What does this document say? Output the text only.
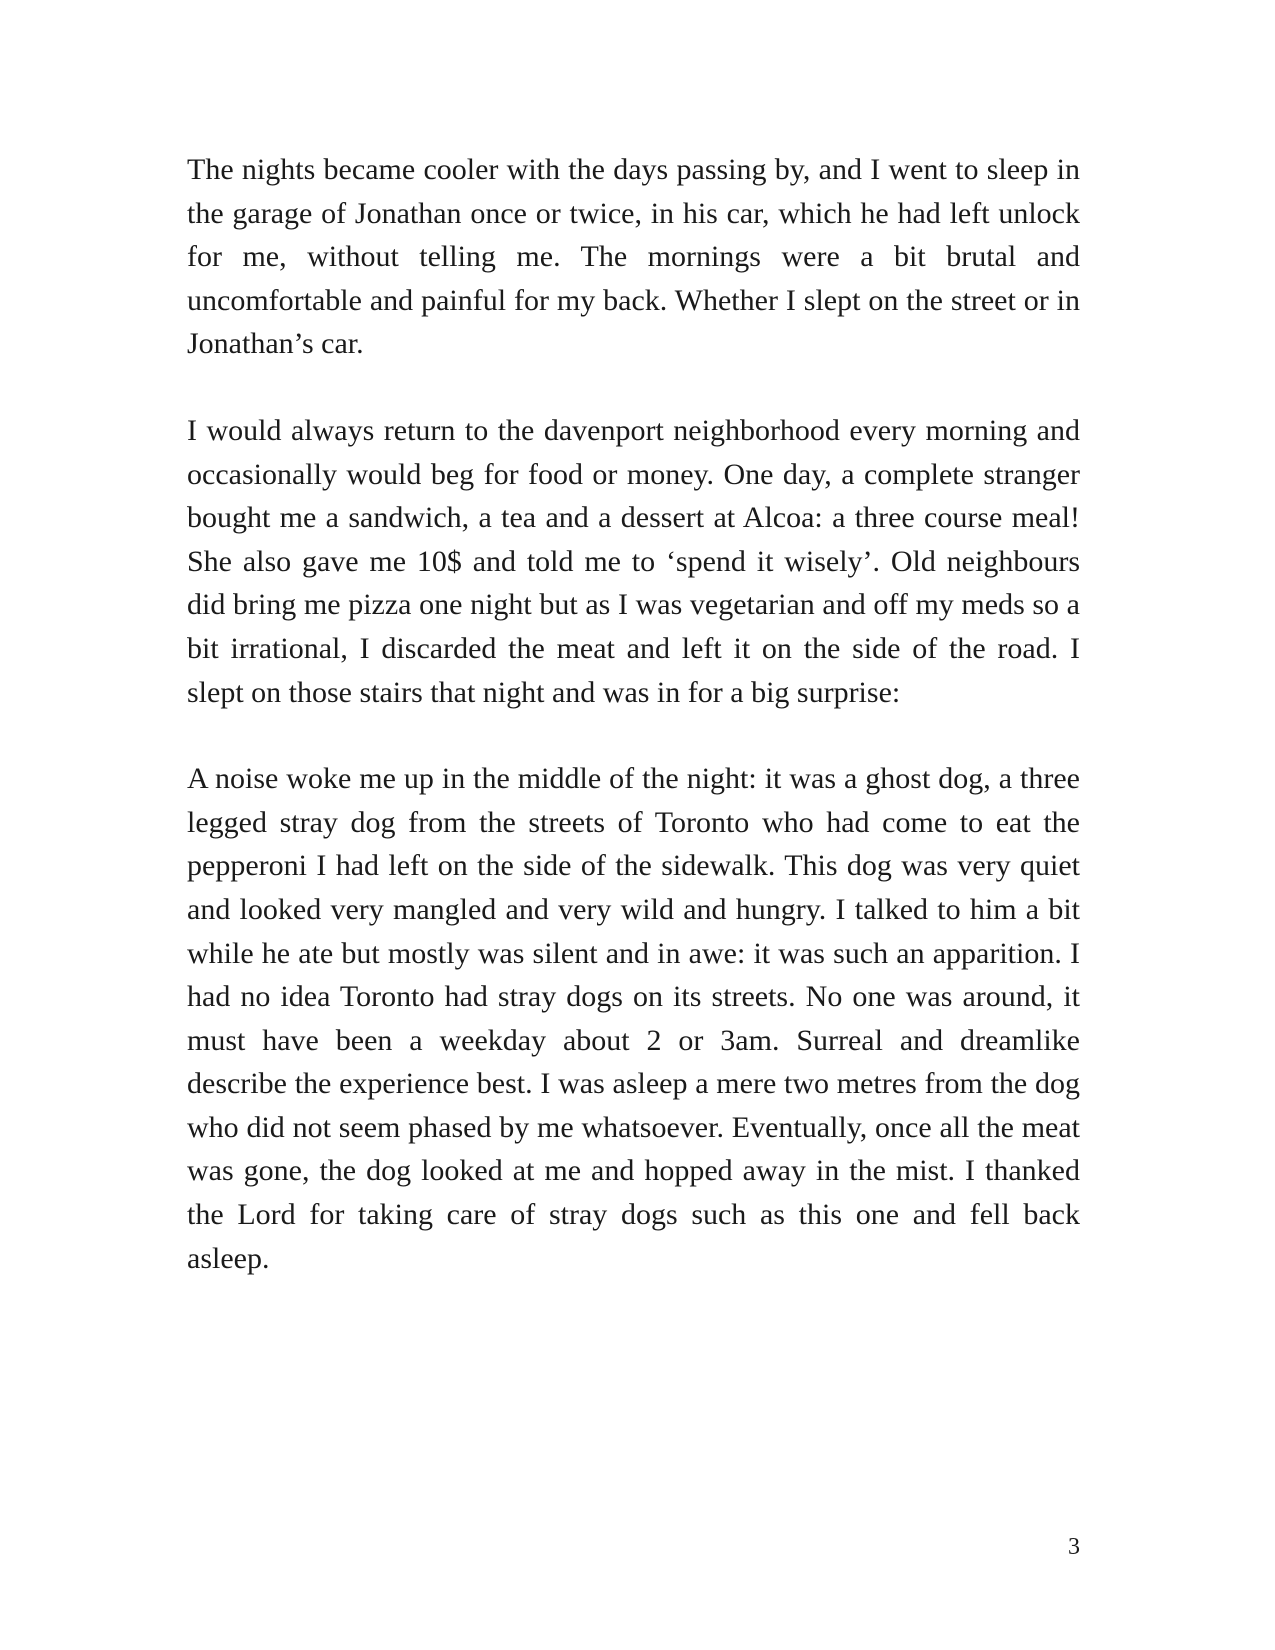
The nights became cooler with the days passing by, and I went to sleep in the garage of Jonathan once or twice, in his car, which he had left unlock for me, without telling me. The mornings were a bit brutal and uncomfortable and painful for my back. Whether I slept on the street or in Jonathan’s car.

I would always return to the davenport neighborhood every morning and occasionally would beg for food or money. One day, a complete stranger bought me a sandwich, a tea and a dessert at Alcoa: a three course meal! She also gave me 10$ and told me to ‘spend it wisely’. Old neighbours did bring me pizza one night but as I was vegetarian and off my meds so a bit irrational, I discarded the meat and left it on the side of the road. I slept on those stairs that night and was in for a big surprise:

A noise woke me up in the middle of the night: it was a ghost dog, a three legged stray dog from the streets of Toronto who had come to eat the pepperoni I had left on the side of the sidewalk. This dog was very quiet and looked very mangled and very wild and hungry. I talked to him a bit while he ate but mostly was silent and in awe: it was such an apparition. I had no idea Toronto had stray dogs on its streets. No one was around, it must have been a weekday about 2 or 3am. Surreal and dreamlike describe the experience best. I was asleep a mere two metres from the dog who did not seem phased by me whatsoever. Eventually, once all the meat was gone, the dog looked at me and hopped away in the mist. I thanked the Lord for taking care of stray dogs such as this one and fell back asleep.

3
